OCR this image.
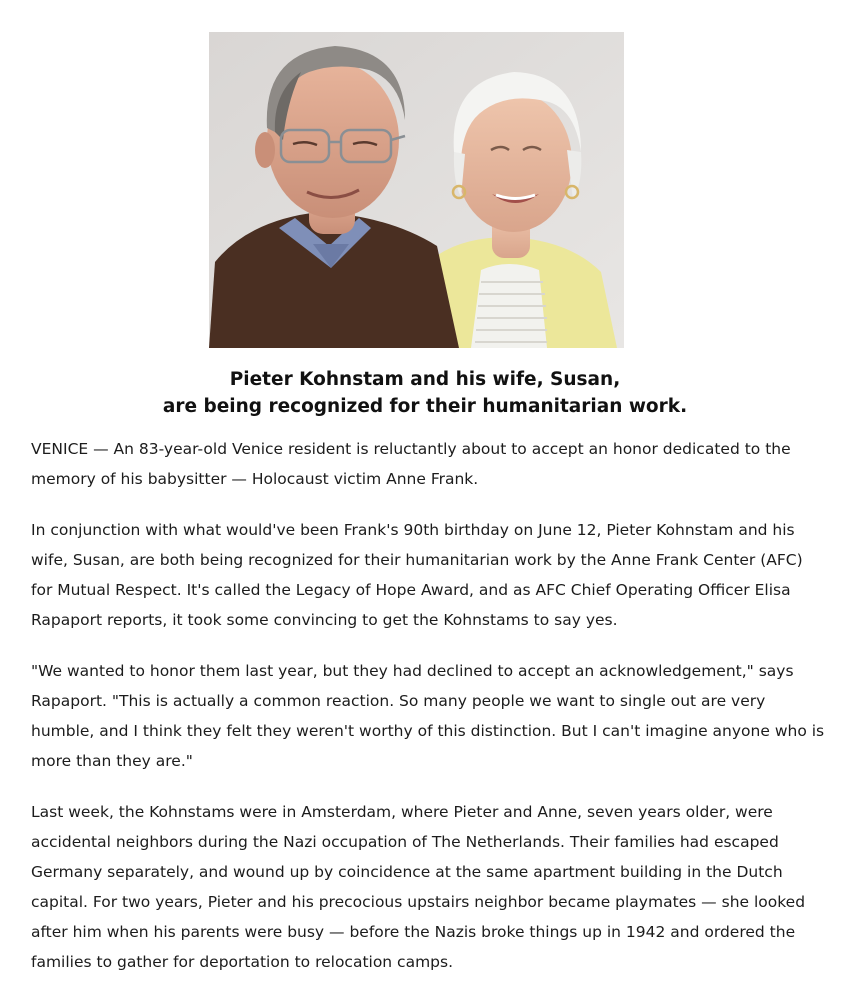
Pieter Kohnstam and his wife, Susan,
are being recognized for their humanitarian work.

VENICE — An 83-year-old Venice resident is reluctantly about to accept an honor dedicated to the memory of his babysitter — Holocaust victim Anne Frank.

In conjunction with what would've been Frank's 90th birthday on June 12, Pieter Kohnstam and his wife, Susan, are both being recognized for their humanitarian work by the Anne Frank Center (AFC) for Mutual Respect. It's called the Legacy of Hope Award, and as AFC Chief Operating Officer Elisa Rapaport reports, it took some convincing to get the Kohnstams to say yes.

"We wanted to honor them last year, but they had declined to accept an acknowledgement," says Rapaport. "This is actually a common reaction. So many people we want to single out are very humble, and I think they felt they weren't worthy of this distinction. But I can't imagine anyone who is more than they are."

Last week, the Kohnstams were in Amsterdam, where Pieter and Anne, seven years older, were accidental neighbors during the Nazi occupation of The Netherlands. Their families had escaped Germany separately, and wound up by coincidence at the same apartment building in the Dutch capital. For two years, Pieter and his precocious upstairs neighbor became playmates — she looked after him when his parents were busy — before the Nazis broke things up in 1942 and ordered the families to gather for deportation to relocation camps.
